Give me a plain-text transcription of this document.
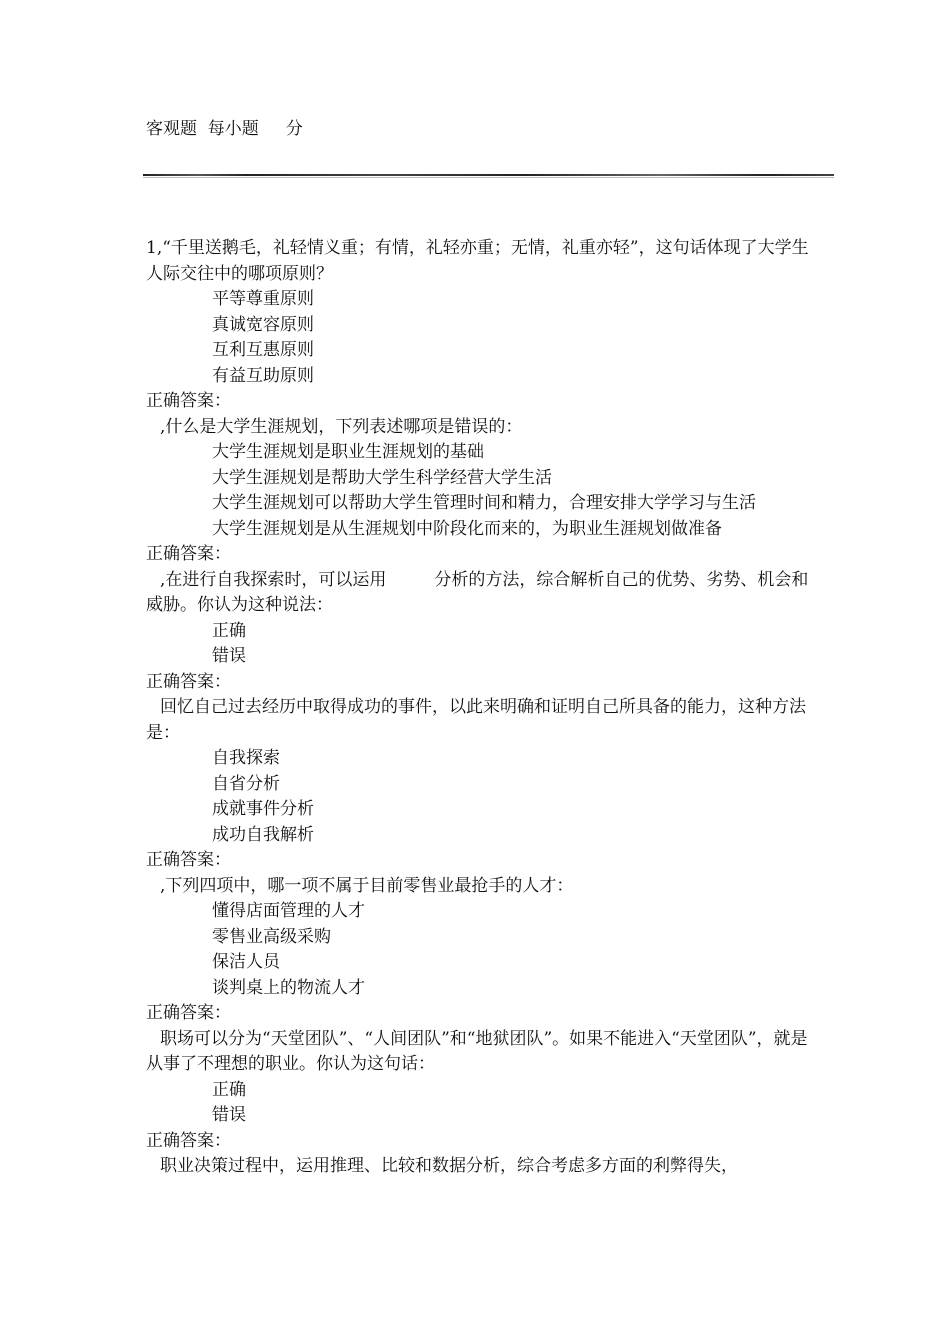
客观题  每小题     分

1,“千里送鹅毛，礼轻情义重；有情，礼轻亦重；无情，礼重亦轻”，这句话体现了大学生人际交往中的哪项原则？

平等尊重原则

真诚宽容原则

互利互惠原则

有益互助原则

正确答案：

,什么是大学生涯规划，下列表述哪项是错误的：

大学生涯规划是职业生涯规划的基础

大学生涯规划是帮助大学生科学经营大学生活

大学生涯规划可以帮助大学生管理时间和精力，合理安排大学学习与生活

大学生涯规划是从生涯规划中阶段化而来的，为职业生涯规划做准备

正确答案：

,在进行自我探索时，可以运用	分析的方法，综合解析自己的优势、劣势、机会和威胁。你认为这种说法：

正确

错误

正确答案：

回忆自己过去经历中取得成功的事件，以此来明确和证明自己所具备的能力，这种方法是：

自我探索

自省分析

成就事件分析

成功自我解析

正确答案：

,下列四项中，哪一项不属于目前零售业最抢手的人才：

懂得店面管理的人才

零售业高级采购

保洁人员

谈判桌上的物流人才

正确答案：

职场可以分为“天堂团队”、“人间团队”和“地狱团队”。如果不能进入“天堂团队”，就是从事了不理想的职业。你认为这句话：

正确

错误

正确答案：

职业决策过程中，运用推理、比较和数据分析，综合考虑多方面的利弊得失，
